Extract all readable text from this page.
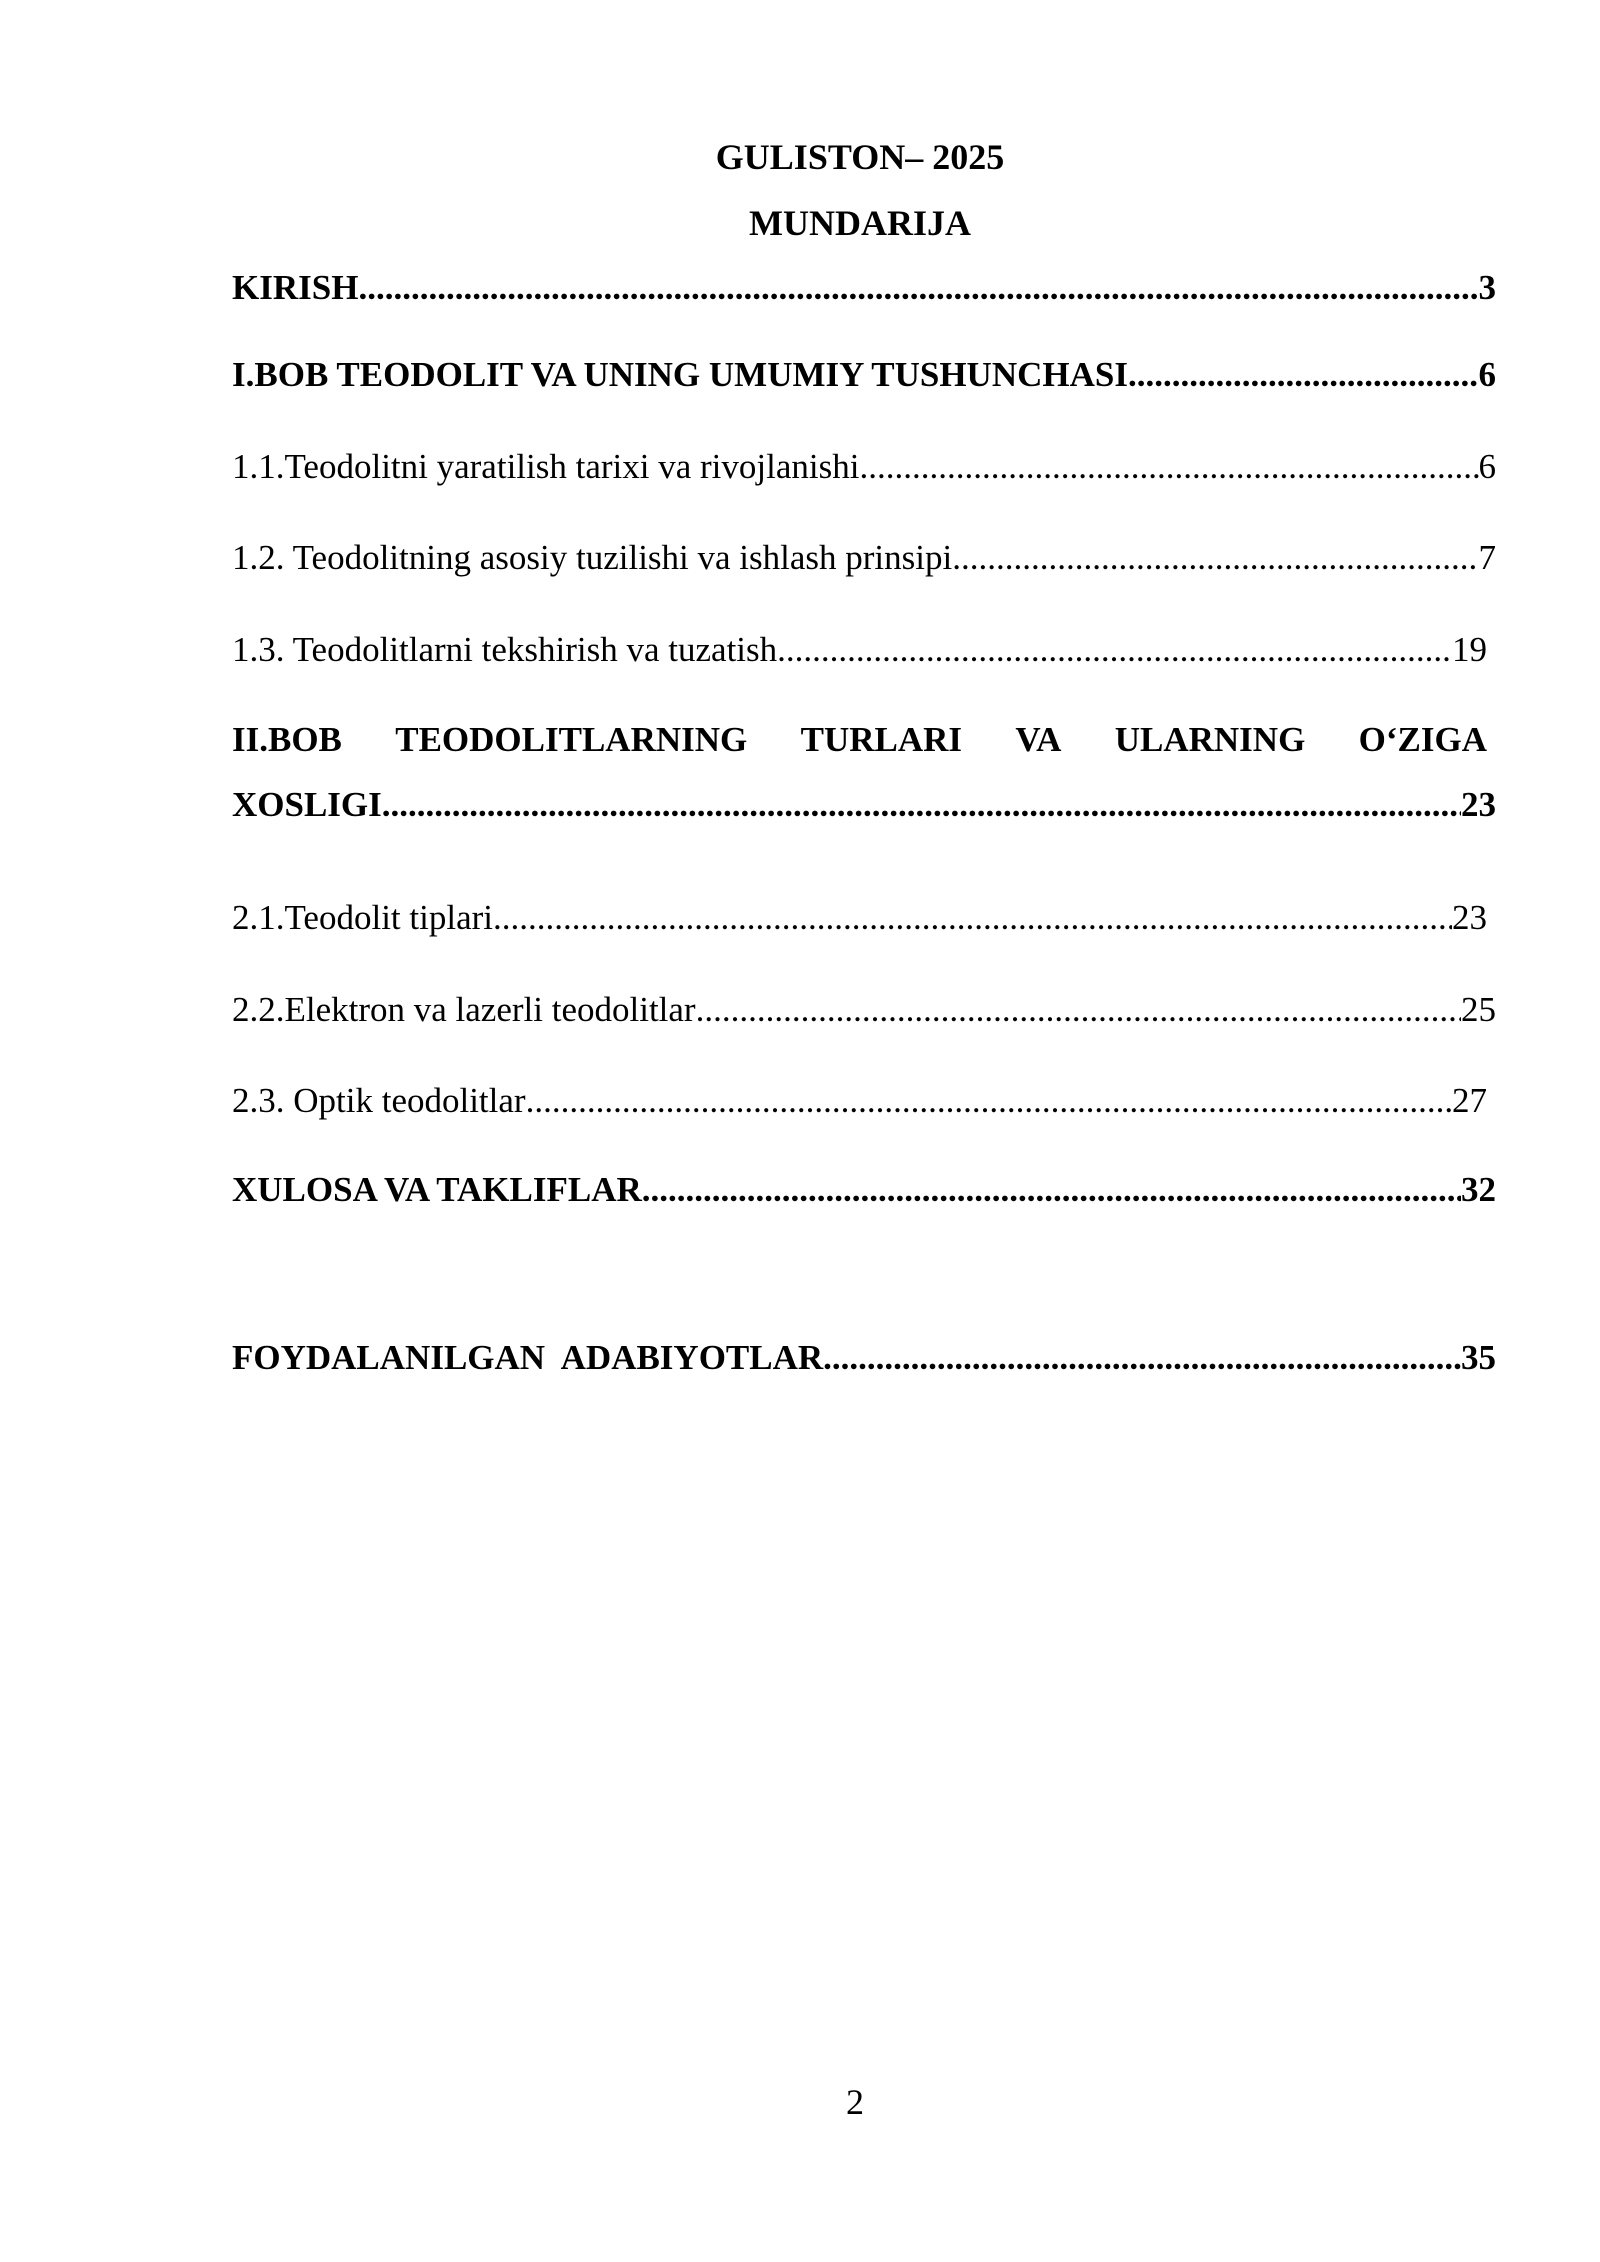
GULISTON– 2025
MUNDARIJA
KIRISH .....	3
I.BOB TEODOLIT VA UNING UMUMIY TUSHUNCHASI .....	6
1.1.Teodolitni yaratilish tarixi va rivojlanishi .....	6
1.2. Teodolitning asosiy tuzilishi va ishlash prinsipi .....	7
1.3. Teodolitlarni tekshirish va tuzatish .....	19
II.BOB TEODOLITLARNING TURLARI VA ULARNING O‘ZIGA
XOSLIGI .....	23
2.1.Teodolit tiplari .....	23
2.2.Elektron va lazerli teodolitlar .....	25
2.3. Optik teodolitlar .....	27
XULOSA VA TAKLIFLAR .....	32

FOYDALANILGAN  ADABIYOTLAR .....	35

2
